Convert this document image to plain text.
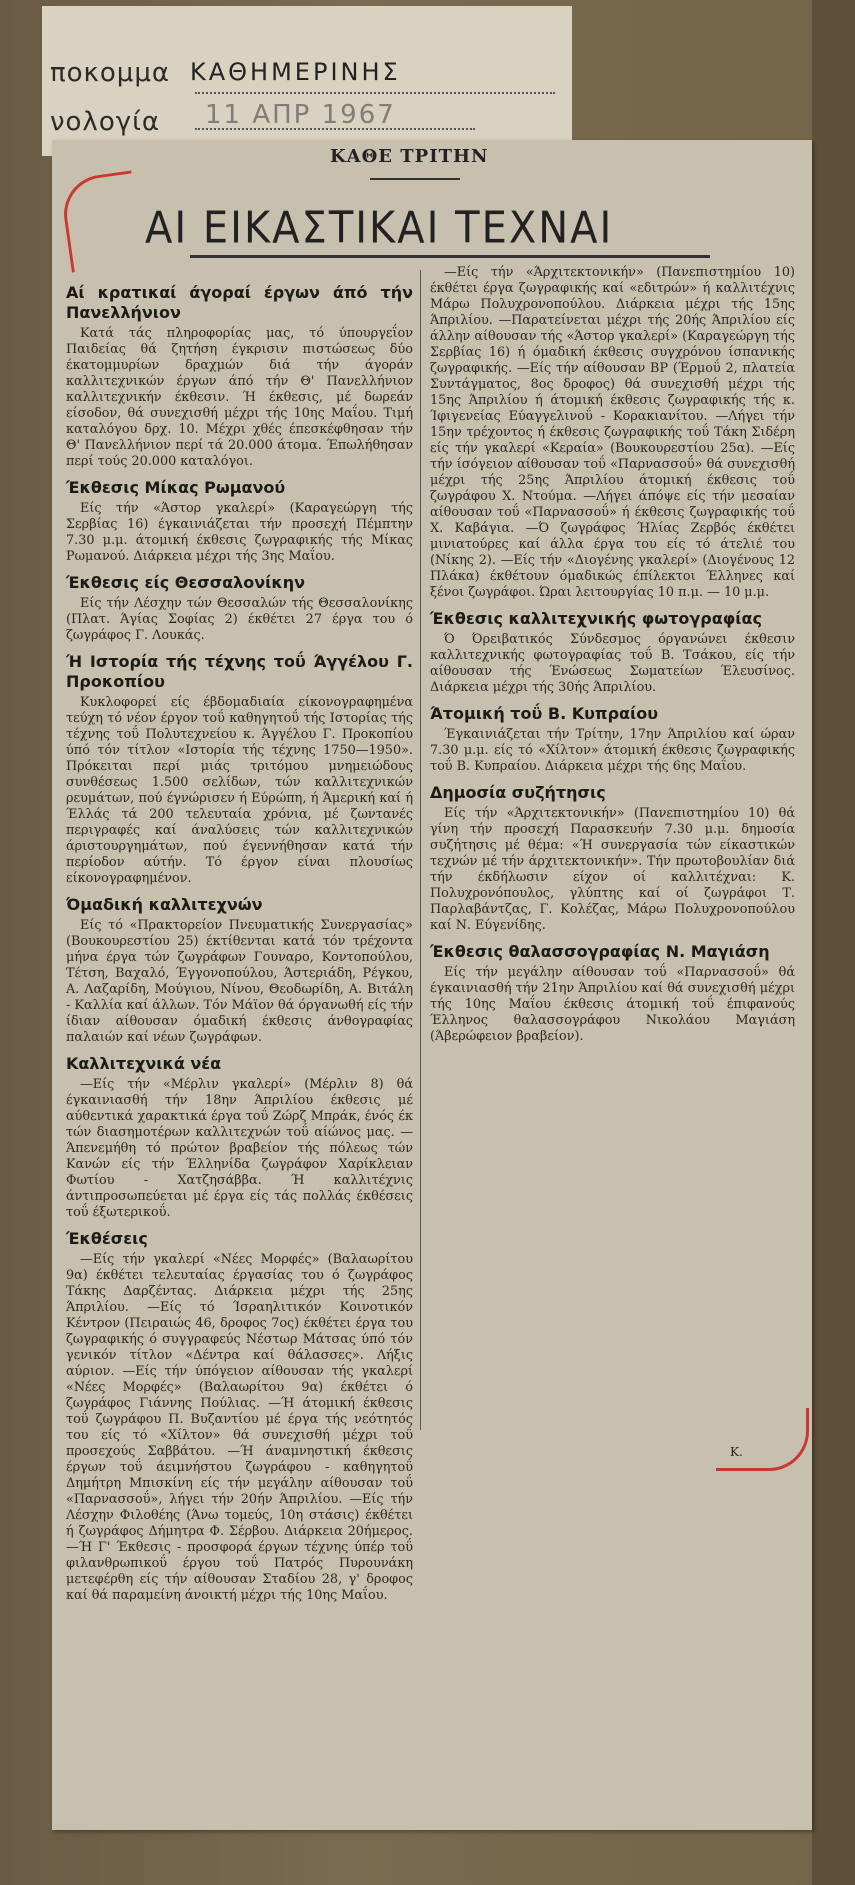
ποκομμα ΚΑΘΗΜΕΡΙΝΗΣ
νολογία 11 ΑΠΡ 1967
ΚΑΘΕ ΤΡΙΤΗΝ
ΑΙ ΕΙΚΑΣΤΙΚΑΙ ΤΕΧΝΑΙ
Αί κρατικαί άγοραί έργων άπό τήν Πανελλήνιον

Κατά τάς πληροφορίας μας, τό ύπουργεΐον Παιδείας θά ζητήση έγκρισιν πιστώσεως δύο έκατομμυρίων δραχμών διά τήν άγοράν καλλιτεχνικών έργων άπό τήν Θ' Πανελλήνιον καλλιτεχνικήν έκθεσιν. Ή έκθεσις, μέ δωρεάν είσοδον, θά συνεχισθή μέχρι τής 10ης Μαΐου. Τιμή καταλόγου δρχ. 10. Μέχρι χθές έπεσκέφθησαν τήν Θ' Πανελλήνιον περί τά 20.000 άτομα. Έπωλήθησαν περί τούς 20.000 καταλόγοι.

Έκθεσις Μίκας Ρωμανού

Είς τήν «Άστορ γκαλερί» (Καραγεώργη τής Σερβίας 16) έγκαινιάζεται τήν προσεχή Πέμπτην 7.30 μ.μ. άτομική έκθεσις ζωγραφικής τής Μίκας Ρωμανού. Διάρκεια μέχρι τής 3ης Μαΐου.

Έκθεσις είς Θεσσαλονίκην

Είς τήν Λέσχην τών Θεσσαλών τής Θεσσαλονίκης (Πλατ. Άγίας Σοφίας 2) έκθέτει 27 έργα του ό ζωγράφος Γ. Λουκάς.

Ή Ιστορία τής τέχνης τοΰ Άγγέλου Γ. Προκοπίου

Κυκλοφορεί είς έβδομαδιαία είκονογραφημένα τεύχη τό νέον έργον τοΰ καθηγητοΰ τής Ιστορίας τής τέχνης τοΰ Πολυτεχνείου κ. Άγγέλου Γ. Προκοπίου ύπό τόν τίτλον «Ιστορία τής τέχνης 1750—1950». Πρόκειται περί μιάς τριτόμου μνημειώδους συνθέσεως 1.500 σελίδων, τών καλλιτεχνικών ρευμάτων, πού έγνώρισεν ή Εύρώπη, ή Άμερική καί ή Έλλάς τά 200 τελευταία χρόνια, μέ ζωντανές περιγραφές καί άναλύσεις τών καλλιτεχνικών άριστουργημάτων, πού έγεννήθησαν κατά τήν περίοδον αύτήν. Τό έργον είναι πλουσίως είκονογραφημένον.

Όμαδική καλλιτεχνών

Είς τό «Πρακτορείον Πνευματικής Συνεργασίας» (Βουκουρεστίου 25) έκτίθενται κατά τόν τρέχοντα μήνα έργα τών ζωγράφων Γουναρο, Κοντοπούλου, Τέτση, Βαχαλό, Έγγονοπούλου, Άστεριάδη, Ρέγκου, Α. Λαζαρίδη, Μούγιου, Νίνου, Θεοδωρίδη, Α. Βιτάλη - Καλλία καί άλλων. Τόν Μάϊον θά όργανωθή είς τήν ίδιαν αίθουσαν όμαδική έκθεσις άνθογραφίας παλαιών καί νέων ζωγράφων.

Καλλιτεχνικά νέα

—Είς τήν «Μέρλιν γκαλερί» (Μέρλιν 8) θά έγκαινιασθή τήν 18ην Άπριλίου έκθεσις μέ αύθεντικά χαρακτικά έργα τοΰ Ζώρζ Μπράκ, ένός έκ τών διασημοτέρων καλλιτεχνών τοΰ αίώνος μας. —Άπενεμήθη τό πρώτον βραβείον τής πόλεως τών Κανών είς τήν Έλληνίδα ζωγράφον Χαρίκλειαν Φωτίου - Χατζησάββα. Ή καλλιτέχνις άντιπροσωπεύεται μέ έργα είς τάς πολλάς έκθέσεις τοΰ έξωτερικοΰ.

Έκθέσεις

—Είς τήν γκαλερί «Νέες Μορφές» (Βαλαωρίτου 9α) έκθέτει τελευταίας έργασίας του ό ζωγράφος Τάκης Δαρζέντας. Διάρκεια μέχρι τής 25ης Άπριλίου. —Είς τό Ίσραηλιτικόν Κοινοτικόν Κέντρον (Πειραιώς 46, δροφος 7ος) έκθέτει έργα του ζωγραφικής ό συγγραφεύς Νέστωρ Μάτσας ύπό τόν γενικόν τίτλον «Δέντρα καί θάλασσες». Λήξις αύριον. —Είς τήν ύπόγειον αίθουσαν τής γκαλερί «Νέες Μορφές» (Βαλαωρίτου 9α) έκθέτει ό ζωγράφος Γιάννης Πούλιας. —Ή άτομική έκθεσις τοΰ ζωγράφου Π. Βυζαντίου μέ έργα τής νεότητός του είς τό «Χίλτον» θά συνεχισθή μέχρι τοΰ προσεχούς Σαββάτου. —Ή άναμνηστική έκθεσις έργων τοΰ άειμνήστου ζωγράφου - καθηγητοΰ Δημήτρη Μπισκίνη είς τήν μεγάλην αίθουσαν τοΰ «Παρνασσοΰ», λήγει τήν 20ήν Άπριλίου. —Είς τήν Λέσχην Φιλοθέης (Άνω τομεύς, 10η στάσις) έκθέτει ή ζωγράφος Δήμητρα Φ. Σέρβου. Διάρκεια 20ήμερος. —Ή Γ' Έκθεσις - προσφορά έργων τέχνης ύπέρ τοΰ φιλανθρωπικοΰ έργου τοΰ Πατρός Πυρουνάκη μετεφέρθη είς τήν αίθουσαν Σταδίου 28, γ' δροφος καί θά παραμείνη άνοικτή μέχρι τής 10ης Μαΐου.

—Είς τήν «Άρχιτεκτονικήν» (Πανεπιστημίου 10) έκθέτει έργα ζωγραφικής καί «εδιτρών» ή καλλιτέχνις Μάρω Πολυχρονοπούλου. Διάρκεια μέχρι τής 15ης Άπριλίου. —Παρατείνεται μέχρι τής 20ής Άπριλίου είς άλλην αίθουσαν τής «Άστορ γκαλερί» (Καραγεώργη τής Σερβίας 16) ή όμαδική έκθεσις συγχρόνου ίσπανικής ζωγραφικής. —Είς τήν αίθουσαν ΒΡ (Έρμοΰ 2, πλατεία Συντάγματος, 8ος δροφος) θά συνεχισθή μέχρι τής 15ης Άπριλίου ή άτομική έκθεσις ζωγραφικής τής κ. Ίφιγενείας Εύαγγελινοΰ - Κορακιανίτου. —Λήγει τήν 15ην τρέχοντος ή έκθεσις ζωγραφικής τοΰ Τάκη Σιδέρη είς τήν γκαλερί «Κεραία» (Βουκουρεστίου 25α). —Είς τήν ίσόγειον αίθουσαν τοΰ «Παρνασσοΰ» θά συνεχισθή μέχρι τής 25ης Άπριλίου άτομική έκθεσις τοΰ ζωγράφου Χ. Ντούμα. —Λήγει άπόψε είς τήν μεσαίαν αίθουσαν τοΰ «Παρνασσοΰ» ή έκθεσις ζωγραφικής τοΰ Χ. Καβάγια. —Ό ζωγράφος Ήλίας Ζερβός έκθέτει μινιατούρες καί άλλα έργα του είς τό άτελιέ του (Νίκης 2). —Είς τήν «Διογένης γκαλερί» (Διογένους 12 Πλάκα) έκθέτουν όμαδικώς έπίλεκτοι Έλληνες καί ξένοι ζωγράφοι. Ώραι λειτουργίας 10 π.μ. — 10 μ.μ.

Έκθεσις καλλιτεχνικής φωτογραφίας

Ό Όρειβατικός Σύνδεσμος όργανώνει έκθεσιν καλλιτεχνικής φωτογραφίας τοΰ Β. Τσάκου, είς τήν αίθουσαν τής Ένώσεως Σωματείων Έλευσίνος. Διάρκεια μέχρι τής 30ής Άπριλίου.

Άτομική τοΰ Β. Κυπραίου

Έγκαινιάζεται τήν Τρίτην, 17ην Άπριλίου καί ώραν 7.30 μ.μ. είς τό «Χίλτον» άτομική έκθεσις ζωγραφικής τοΰ Β. Κυπραίου. Διάρκεια μέχρι τής 6ης Μαΐου.

Δημοσία συζήτησις

Είς τήν «Άρχιτεκτονικήν» (Πανεπιστημίου 10) θά γίνη τήν προσεχή Παρασκευήν 7.30 μ.μ. δημοσία συζήτησις μέ θέμα: «Ή συνεργασία τών είκαστικών τεχνών μέ τήν άρχιτεκτονικήν». Τήν πρωτοβουλίαν διά τήν έκδήλωσιν είχον οί καλλιτέχναι: Κ. Πολυχρονόπουλος, γλύπτης καί οί ζωγράφοι Τ. Παρλαβάντζας, Γ. Κολέζας, Μάρω Πολυχρονοπούλου καί Ν. Εύγενίδης.

Έκθεσις θαλασσογραφίας Ν. Μαγιάση

Είς τήν μεγάλην αίθουσαν τοΰ «Παρνασσοΰ» θά έγκαινιασθή τήν 21ην Άπριλίου καί θά συνεχισθή μέχρι τής 10ης Μαΐου έκθεσις άτομική τοΰ έπιφανούς Έλληνος θαλασσογράφου Νικολάου Μαγιάση (Άβερώφειον βραβείον).

Κ.
